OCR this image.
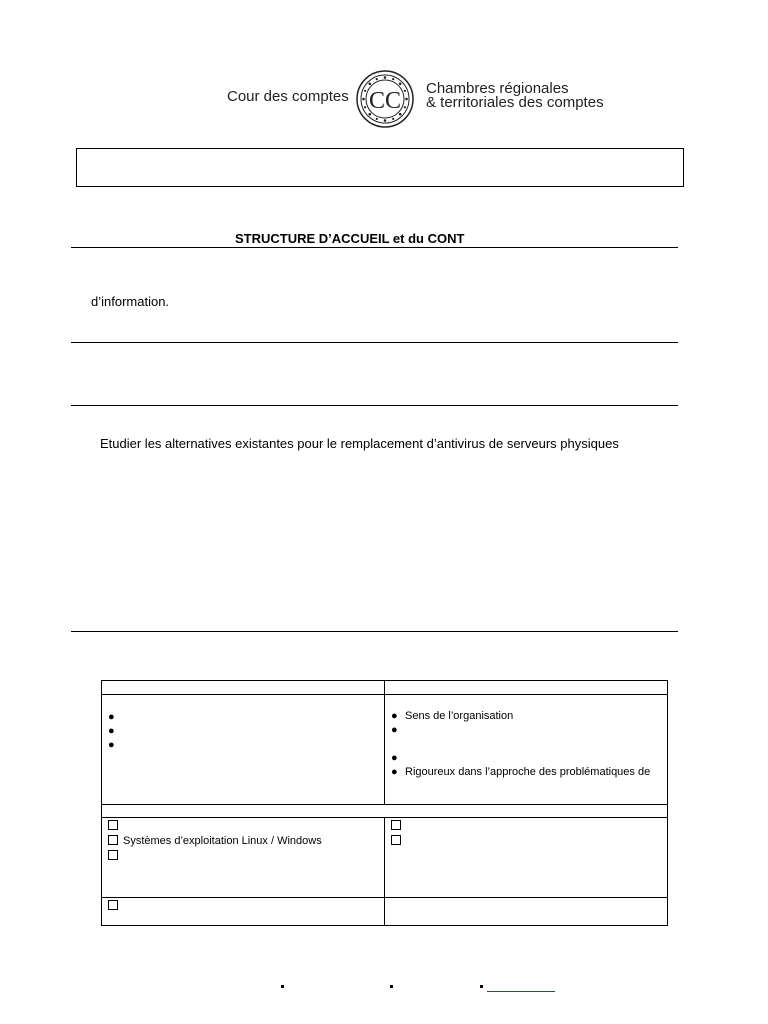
Cour des comptes CC Chambres régionales
& territoriales des comptes
STRUCTURE D’ACCUEIL et du CONT
d’information.
Etudier les alternatives existantes pour le remplacement d’antivirus de serveurs physiques
●
●
●
● Sens de l’organisation
●
●
● Rigoureux dans l’approche des problématiques de
Systèmes d’exploitation Linux / Windows
